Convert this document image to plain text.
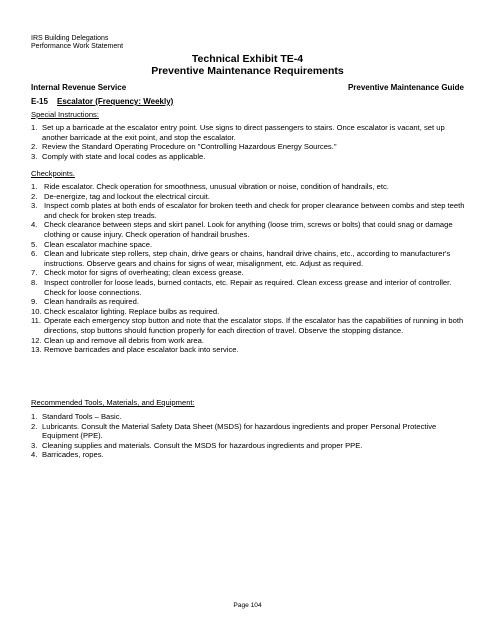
IRS Building Delegations
Performance Work Statement
Technical Exhibit TE-4
Preventive Maintenance Requirements
Internal Revenue Service	Preventive Maintenance Guide
E-15 Escalator (Frequency: Weekly)
Special Instructions:
1. Set up a barricade at the escalator entry point. Use signs to direct passengers to stairs. Once escalator is vacant, set up another barricade at the exit point, and stop the escalator.
2. Review the Standard Operating Procedure on "Controlling Hazardous Energy Sources."
3. Comply with state and local codes as applicable.
Checkpoints.
1. Ride escalator. Check operation for smoothness, unusual vibration or noise, condition of handrails, etc.
2. De-energize, tag and lockout the electrical circuit.
3. Inspect comb plates at both ends of escalator for broken teeth and check for proper clearance between combs and step teeth and check for broken step treads.
4. Check clearance between steps and skirt panel. Look for anything (loose trim, screws or bolts) that could snag or damage clothing or cause injury. Check operation of handrail brushes.
5. Clean escalator machine space.
6. Clean and lubricate step rollers, step chain, drive gears or chains, handrail drive chains, etc., according to manufacturer's instructions. Observe gears and chains for signs of wear, misalignment, etc. Adjust as required.
7. Check motor for signs of overheating; clean excess grease.
8. Inspect controller for loose leads, burned contacts, etc. Repair as required. Clean excess grease and interior of controller. Check for loose connections.
9. Clean handrails as required.
10. Check escalator lighting. Replace bulbs as required.
11. Operate each emergency stop button and note that the escalator stops. If the escalator has the capabilities of running in both directions, stop buttons should function properly for each direction of travel. Observe the stopping distance.
12. Clean up and remove all debris from work area.
13. Remove barricades and place escalator back into service.
Recommended Tools, Materials, and Equipment:
1. Standard Tools – Basic.
2. Lubricants. Consult the Material Safety Data Sheet (MSDS) for hazardous ingredients and proper Personal Protective Equipment (PPE).
3. Cleaning supplies and materials. Consult the MSDS for hazardous ingredients and proper PPE.
4. Barricades, ropes.
Page 104
